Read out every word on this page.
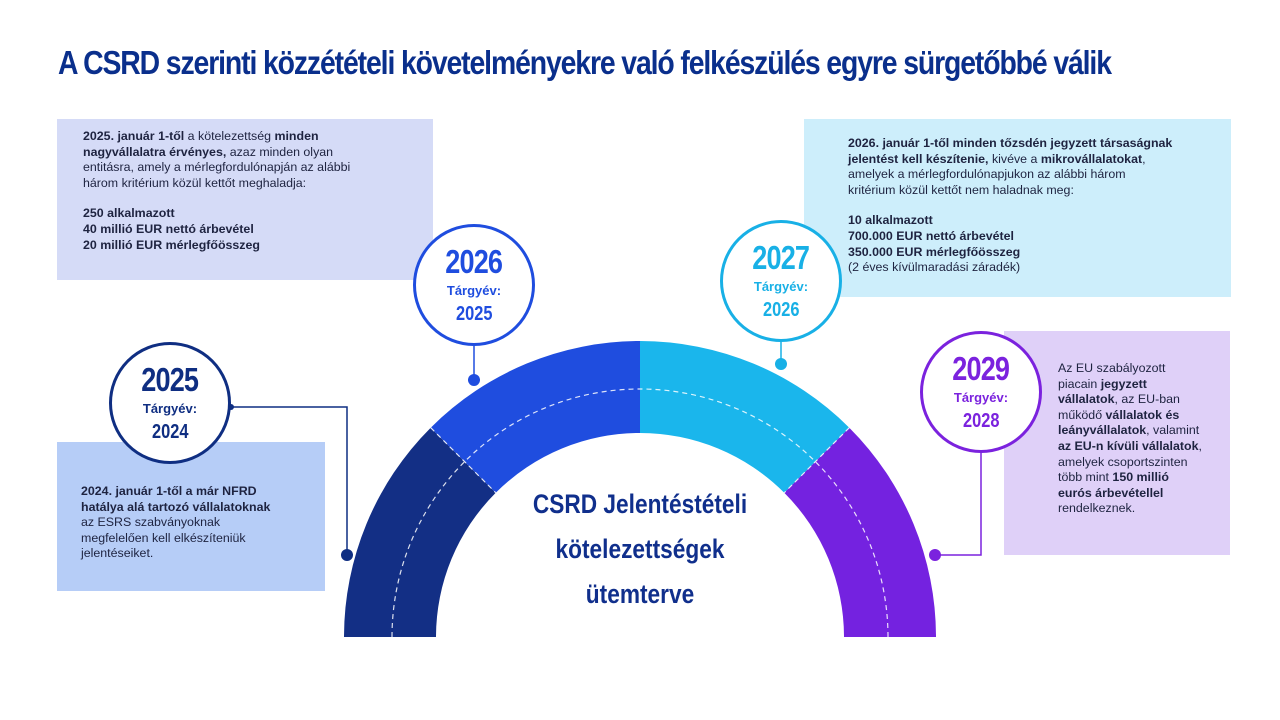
A CSRD szerinti közzétételi követelményekre való felkészülés egyre sürgetőbbé válik
2025. január 1-től a kötelezettség minden
nagyvállalatra érvényes, azaz minden olyan
entitásra, amely a mérlegfordulónapján az alábbi
három kritérium közül kettőt meghaladja:
250 alkalmazott
40 millió EUR nettó árbevétel
20 millió EUR mérlegfőösszeg
2024. január 1-től a már NFRD
hatálya alá tartozó vállalatoknak
az ESRS szabványoknak
megfelelően kell elkészíteniük
jelentéseiket.
2026. január 1-től minden tőzsdén jegyzett társaságnak
jelentést kell készítenie, kivéve a mikrovállalatokat,
amelyek a mérlegfordulónapjukon az alábbi három
kritérium közül kettőt nem haladnak meg:
10 alkalmazott
700.000 EUR nettó árbevétel
350.000 EUR mérlegfőösszeg
(2 éves kívülmaradási záradék)
Az EU szabályozott
piacain jegyzett
vállalatok, az EU-ban
működő vállalatok és
leányvállalatok, valamint
az EU-n kívüli vállalatok,
amelyek csoportszinten
több mint 150 millió
eurós árbevétellel
rendelkeznek.
2025
Tárgyév:
2024
2026
Tárgyév:
2025
2027
Tárgyév:
2026
2029
Tárgyév:
2028
CSRD Jelentéstételi
kötelezettségek
ütemterve
